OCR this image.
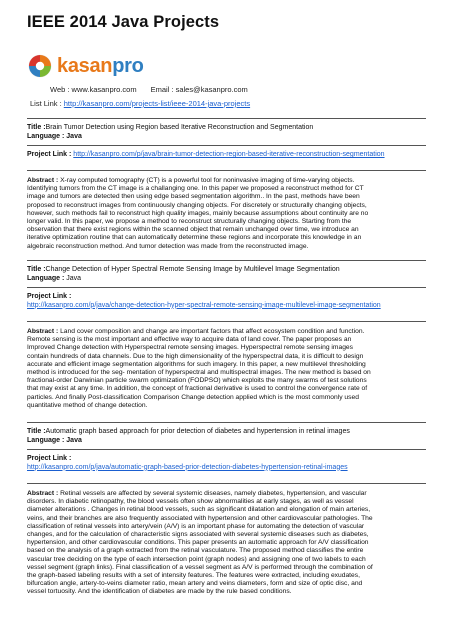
IEEE 2014 Java Projects
kasanpro
Web : www.kasanpro.com Email : sales@kasanpro.com
List Link : http://kasanpro.com/projects-list/ieee-2014-java-projects
Title :Brain Tumor Detection using Region based Iterative Reconstruction and Segmentation
Language : Java
Project Link : http://kasanpro.com/p/java/brain-tumor-detection-region-based-iterative-reconstruction-segmentation
Abstract : X-ray computed tomography (CT) is a powerful tool for noninvasive imaging of time-varying objects.
Identifying tumors from the CT image is a challanging one. In this paper we proposed a reconstruct method for CT
image and tumors are detected then using edge based segmentation algorithm.. In the past, methods have been
proposed to reconstruct images from continuously changing objects. For discretely or structurally changing objects,
however, such methods fail to reconstruct high quality images, mainly because assumptions about continuity are no
longer valid. In this paper, we propose a method to reconstruct structurally changing objects. Starting from the
observation that there exist regions within the scanned object that remain unchanged over time, we introduce an
iterative optimization routine that can automatically determine these regions and incorporate this knowledge in an
algebraic reconstruction method. And tumor detection was made from the reconstructed image.
Title :Change Detection of Hyper Spectral Remote Sensing Image by Multilevel Image Segmentation
Language : Java
Project Link :
http://kasanpro.com/p/java/change-detection-hyper-spectral-remote-sensing-image-multilevel-image-segmentation
Abstract : Land cover composition and change are important factors that affect ecosystem condition and function.
Remote sensing is the most important and effective way to acquire data of land cover. The paper proposes an
Improved Change detection with Hyperspectral remote sensing images. Hyperspectral remote sensing images
contain hundreds of data channels. Due to the high dimensionality of the hyperspectral data, it is difficult to design
accurate and efficient image segmentation algorithms for such imagery. In this paper, a new multilevel thresholding
method is introduced for the seg- mentation of hyperspectral and multispectral images. The new method is based on
fractional-order Darwinian particle swarm optimization (FODPSO) which exploits the many swarms of test solutions
that may exist at any time. In addition, the concept of fractional derivative is used to control the convergence rate of
particles. And finally Post-classification Comparison Change detection applied which is the most commonly used
quantitative method of change detection.
Title :Automatic graph based approach for prior detection of diabetes and hypertension in retinal images
Language : Java
Project Link :
http://kasanpro.com/p/java/automatic-graph-based-prior-detection-diabetes-hypertension-retinal-images
Abstract : Retinal vessels are affected by several systemic diseases, namely diabetes, hypertension, and vascular
disorders. In diabetic retinopathy, the blood vessels often show abnormalities at early stages, as well as vessel
diameter alterations . Changes in retinal blood vessels, such as significant dilatation and elongation of main arteries,
veins, and their branches are also frequently associated with hypertension and other cardiovascular pathologies. The
classification of retinal vessels into artery/vein (A/V) is an important phase for automating the detection of vascular
changes, and for the calculation of characteristic signs associated with several systemic diseases such as diabetes,
hypertension, and other cardiovascular conditions. This paper presents an automatic approach for A/V classification
based on the analysis of a graph extracted from the retinal vasculature. The proposed method classifies the entire
vascular tree deciding on the type of each intersection point (graph nodes) and assigning one of two labels to each
vessel segment (graph links). Final classification of a vessel segment as A/V is performed through the combination of
the graph-based labeling results with a set of intensity features. The features were extracted, including exudates,
bifurcation angle, artery-to-veins diameter ratio, mean artery and veins diameters, form and size of optic disc, and
vessel tortuosity. And the identification of diabetes are made by the rule based conditions.
